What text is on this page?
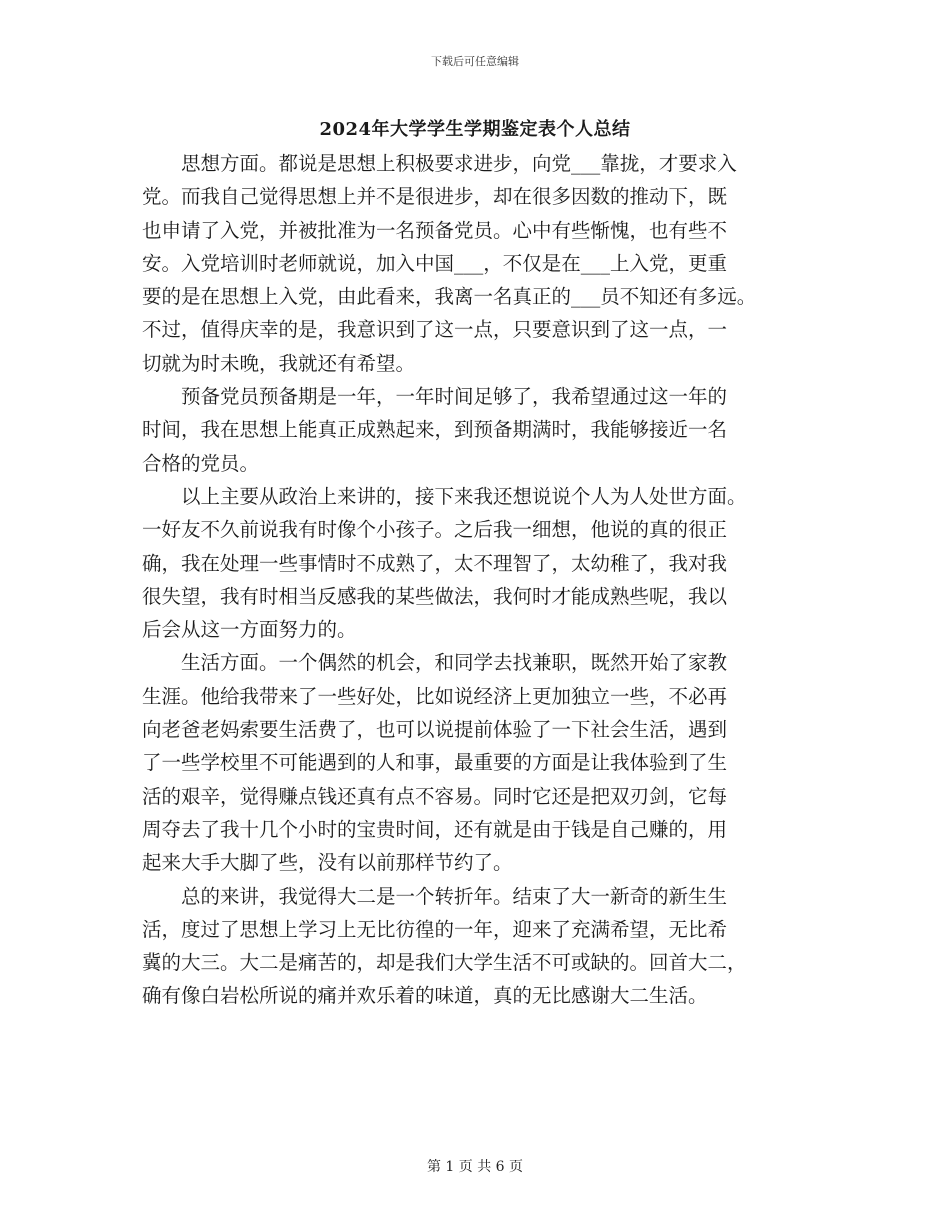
下载后可任意编辑
2024年大学学生学期鉴定表个人总结
　　思想方面。都说是思想上积极要求进步，向党___靠拢，才要求入
党。而我自己觉得思想上并不是很进步，却在很多因数的推动下，既
也申请了入党，并被批准为一名预备党员。心中有些惭愧，也有些不
安。入党培训时老师就说，加入中国___，不仅是在___上入党，更重
要的是在思想上入党，由此看来，我离一名真正的___员不知还有多远。
不过，值得庆幸的是，我意识到了这一点，只要意识到了这一点，一
切就为时未晚，我就还有希望。
　　预备党员预备期是一年，一年时间足够了，我希望通过这一年的
时间，我在思想上能真正成熟起来，到预备期满时，我能够接近一名
合格的党员。
　　以上主要从政治上来讲的，接下来我还想说说个人为人处世方面。
一好友不久前说我有时像个小孩子。之后我一细想，他说的真的很正
确，我在处理一些事情时不成熟了，太不理智了，太幼稚了，我对我
很失望，我有时相当反感我的某些做法，我何时才能成熟些呢，我以
后会从这一方面努力的。
　　生活方面。一个偶然的机会，和同学去找兼职，既然开始了家教
生涯。他给我带来了一些好处，比如说经济上更加独立一些，不必再
向老爸老妈索要生活费了，也可以说提前体验了一下社会生活，遇到
了一些学校里不可能遇到的人和事，最重要的方面是让我体验到了生
活的艰辛，觉得赚点钱还真有点不容易。同时它还是把双刃剑，它每
周夺去了我十几个小时的宝贵时间，还有就是由于钱是自己赚的，用
起来大手大脚了些，没有以前那样节约了。
　　总的来讲，我觉得大二是一个转折年。结束了大一新奇的新生生
活，度过了思想上学习上无比彷徨的一年，迎来了充满希望，无比希
冀的大三。大二是痛苦的，却是我们大学生活不可或缺的。回首大二，
确有像白岩松所说的痛并欢乐着的味道，真的无比感谢大二生活。
第 1 页 共 6 页
